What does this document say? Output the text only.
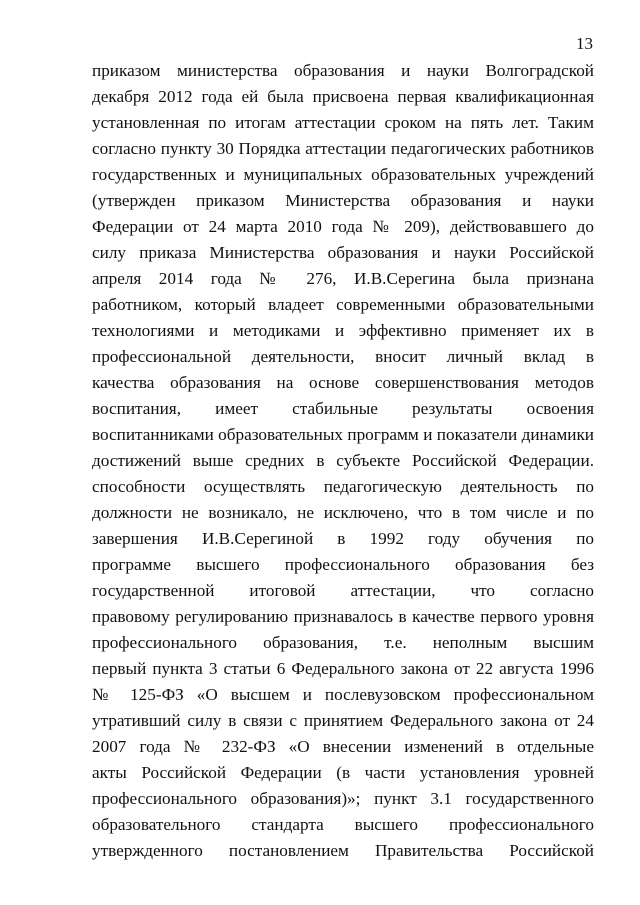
13
приказом министерства образования и науки Волгоградской
декабря 2012 года ей была присвоена первая квалификационная
установленная по итогам аттестации сроком на пять лет. Таким
согласно пункту 30 Порядка аттестации педагогических работников
государственных и муниципальных образовательных учреждений
(утвержден приказом Министерства образования и науки
Федерации от 24 марта 2010 года № 209), действовавшего до
силу приказа Министерства образования и науки Российской
апреля 2014 года № 276, И.В.Серегина была признана
работником, который владеет современными образовательными
технологиями и методиками и эффективно применяет их в
профессиональной деятельности, вносит личный вклад в
качества образования на основе совершенствования методов
воспитания, имеет стабильные результаты освоения
воспитанниками образовательных программ и показатели динамики
достижений выше средних в субъекте Российской Федерации.
способности осуществлять педагогическую деятельность по
должности не возникало, не исключено, что в том числе и по
завершения И.В.Серегиной в 1992 году обучения по
программе высшего профессионального образования без
государственной итоговой аттестации, что согласно
правовому регулированию признавалось в качестве первого уровня
профессионального образования, т.е. неполным высшим
первый пункта 3 статьи 6 Федерального закона от 22 августа 1996
№ 125-ФЗ «О высшем и послевузовском профессиональном
утративший силу в связи с принятием Федерального закона от 24
2007 года № 232-ФЗ «О внесении изменений в отдельные
акты Российской Федерации (в части установления уровней
профессионального образования)»; пункт 3.1 государственного
образовательного стандарта высшего профессионального
утвержденного постановлением Правительства Российской
